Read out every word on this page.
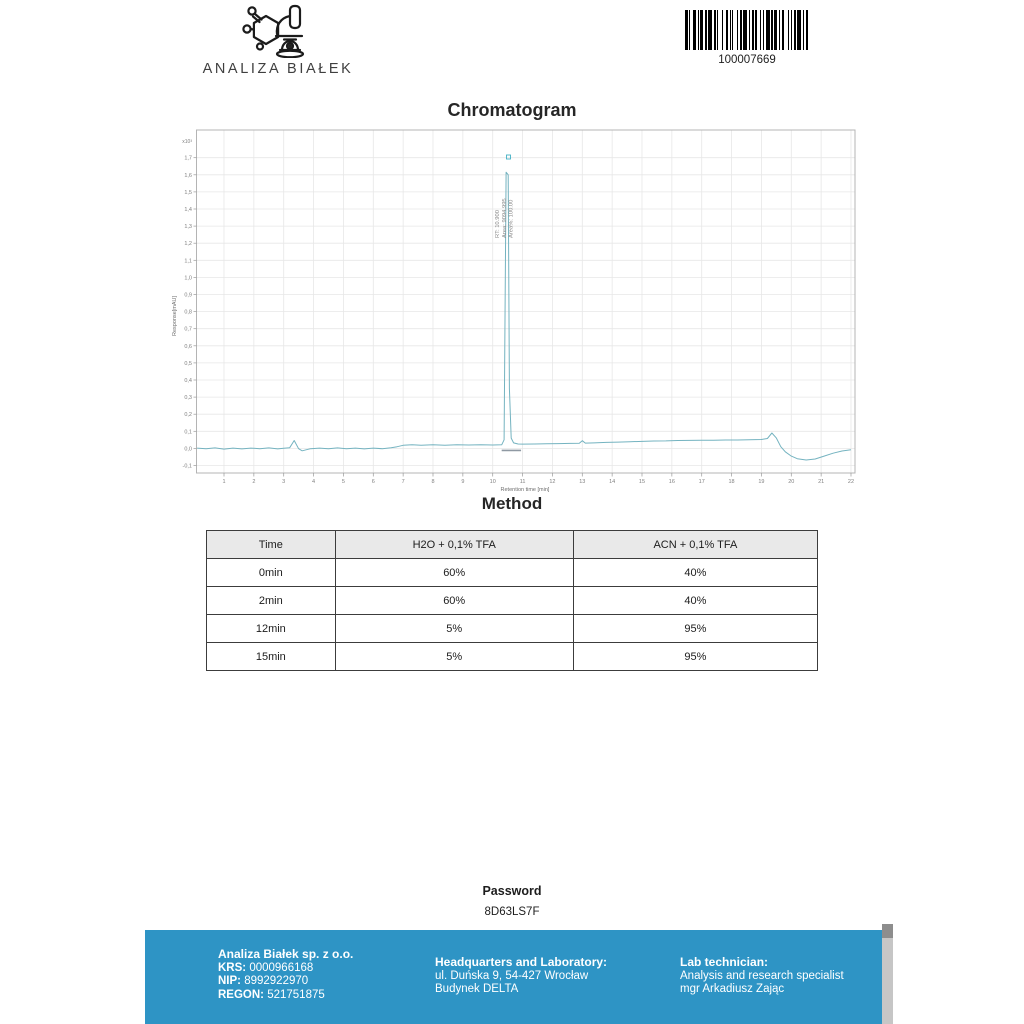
ANALIZA BIAŁEK
100007669
Chromatogram
1	2	3	4	5	6	7	8	9	10	11	12	13	14	15	16	17	18	19	20	21	22
-0,1
0,0
0,1
0,2
0,3
0,4
0,5
0,6
0,7
0,8
0,9
1,0
1,1
1,2
1,3
1,4
1,5
1,6
1,7
x10³
Retention time [min]
Response[mAU]
RT: 10.900 Area: 9094.995 Area%: 100.00
Method
Time	H2O + 0,1% TFA	ACN + 0,1% TFA
0min	60%	40%
2min	60%	40%
12min	5%	95%
15min	5%	95%
Password
8D63LS7F
Analiza Białek sp. z o.o.
KRS: 0000966168
NIP: 8992922970
REGON: 521751875
Headquarters and Laboratory:
ul. Duńska 9, 54-427 Wrocław
Budynek DELTA
Lab technician:
Analysis and research specialist
mgr Arkadiusz Zając
